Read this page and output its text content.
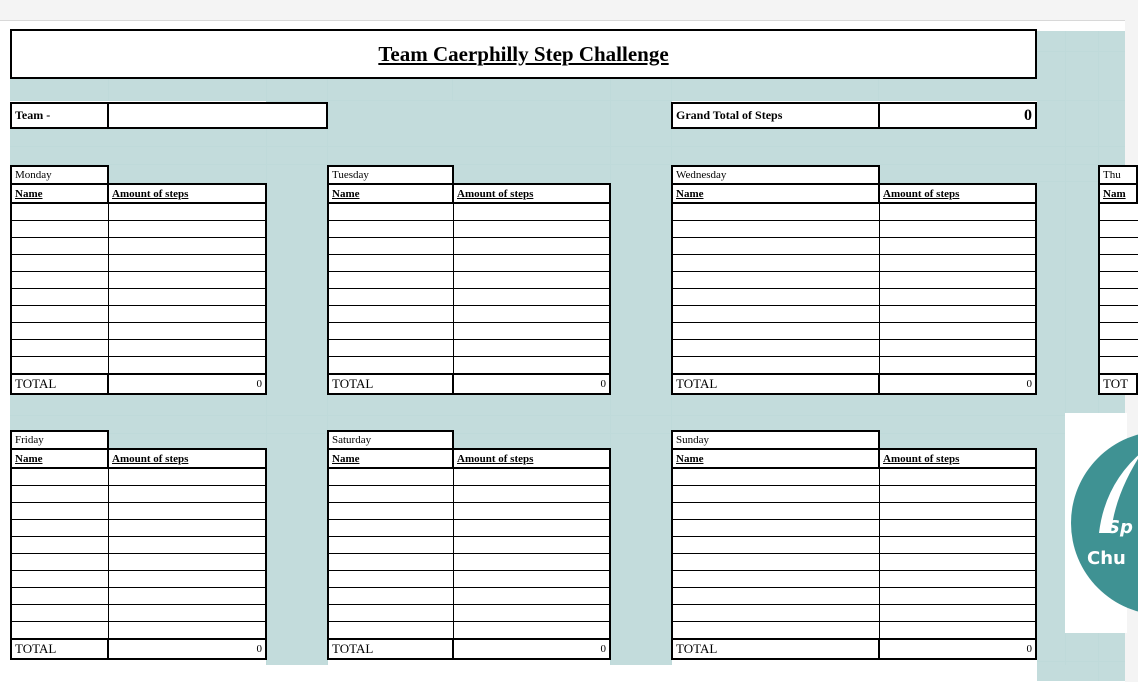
Team Caerphilly Step Challenge
Team -	Grand Total of Steps	0
Monday
Name	Amount of steps
TOTAL	0
Tuesday
Name	Amount of steps
TOTAL	0
Wednesday
Name	Amount of steps
TOTAL	0
Thu
Nam
TOT
Friday
Name	Amount of steps
TOTAL	0
Saturday
Name	Amount of steps
TOTAL	0
Sunday
Name	Amount of steps
TOTAL	0
Sp
Chu
